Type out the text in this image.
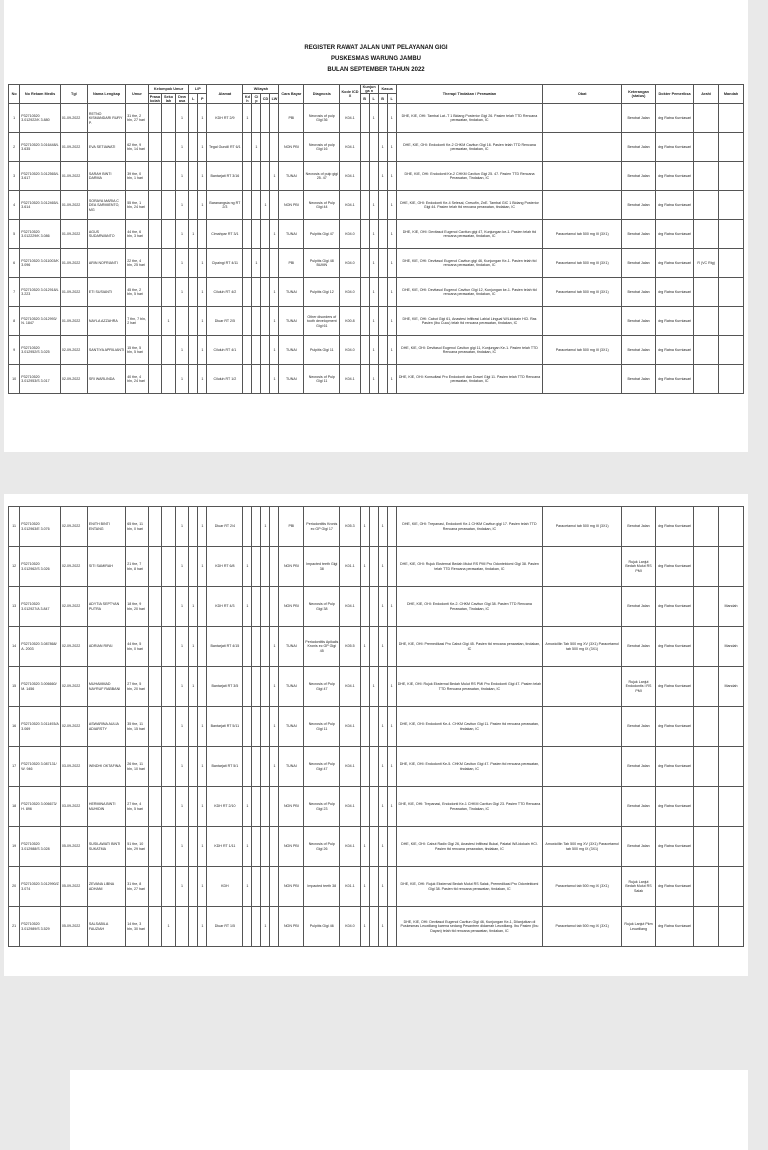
REGISTER RAWAT JALAN UNIT PELAYANAN GIGI
PUSKESMAS WARUNG JAMBU
BULAN SEPTEMBER TAHUN 2022
No	No Rekam Medis	Tgl	Nama Lengkap	Umur	Kelompok Umur			L/P		Alamat	Wilayah				Cara Bayar	Diagnosis	Kode ICD X	Kunjunga n		Kasus		Therapi Tindakan / Perawatan	Obat	Keterangan (status)	Dokter Pemeriksa	Arahi	Mandah
					Prasa kolah	Seko lah	Dew asa	L	P		Kdh	Cip	CD	LW				B	L	B	L						
1	P32710520 3.012922/K 3.880	01-09-2022	RETNO KISMANDARI RURY P.	31 the, 2 bln, 27 hari			1		1	KDH RT 2/9	1				PBI	Necrosis of pulp Gigi 36	K04.1		1		1	DHE, KIE, OHI: Tambal Lat.-T 1 Bidang Posterior Gigi 26. Pasien telah TTD Rencana perawatan, tindakan, IC		Berobat Jalan	drg Ratna Kurniasari		
2	P32710520 3.016448/L 3.635	01-09-2022	EVA SETIAWATI	62 the, 9 bln, 14 hari			1		1	Tegal Gundil RT 6/1		1			NON PBI	Necrosis of pulp Gigi 16	K04.1			1	1	DHE, KIE, OHI: Endodonti Ke-2 CHKM Cavitun Gigi 16. Pasien telah TTD Rencana perawatan, tindakan, IC		Berobat Jalan	drg Ratna Kurniasari		
3	P32710520 3.012565/L 3.617	01-09-2022	SARAH BINTI DARMA	39 the, 0 bln, 1 hari			1		1	Bantarjati RT 3/16				1	TUNAI	Necrosis of pulp gigi 25. 47	K04.1			1	1	DHE, KIE, OHI: Endodonti Ke-2 CHKM Cavitun Gigi 25. 47. Pasien TTD Rencana Perawatan, Tindakan, IC		Berobat Jalan	drg Ratna Kurniasari		
4	P32710520 3.012465/L 3.614	01-09-2022	SORAYA MARIA C DEA SARMIENTO, MG	55 the, 1 bln, 24 hari			1		1	Baranangsia ng RT 2/3			1		NON PBI	Necrosis of Pulp Gigi 44	K04.1		1		1	DHE, KIE, OHI: Endodonti Ke-4 Selesai, Cresofin, ZnE. Tambal GIC 1 Bidang Posterior Gigi 44. Pasien telah ttd rencana perawatan, tindakan, IC		Berobat Jalan	drg Ratna Kurniasari		
5	P32710520 3.012229/K 3.086	01-09-2022	AGUS SUDARWANTO	44 the, 6 bln, 3 hari			1	1		Cimahpar RT 3/1				1	TUNAI	Pulpitis Gigi 47	K04.0		1		1	DHE, KIE, OHI: Devitasol Eugenol Cavitun gigi 47, Kunjungan ke-1. Pasien telah ttd rencana perawatan, tindakan, IC	Paracetamol tab 500 mg III (3X1)	Berobat Jalan	drg Ratna Kurniasari		
6	P32710520 3.011003/K 3.096	01-09-2022	ARIN NOFRIANTI	22 the, 4 bln, 25 hari			1		1	Cipaingi RT 4/11		1			PBI	Pulpitis Gigi 48 BUMN	K04.0		1		1	DHE, KIE, OHI: Devitasol Eugenol Cavitun gigi 46, Kunjungan Ke-1. Pasien telah ttd rencana perawatan, tindakan, IC	Paracetamol tab 500 mg III (3X1)	Berobat Jalan	drg Ratna Kurniasari	R (VC Rtg)	
7	P32710520 3.012918/L 3.223	01-09-2022	ETI SUSIANTI	45 the, 2 bln, 5 hari			1		1	Ciluluh RT 4/2				1	TUNAI	Pulpitis Gigi 12	K04.0		1		1	DHE, KIE, OHI: Devitasol Eugenol Cavitun Gigi 12, Kunjungan ke-1. Pasien telah ttd rencana perawatan, tindakan, IC	Paracetamol tab 500 mg III (3X1)	Berobat Jalan	drg Ratna Kurniasari		
8	P32710520 3.012993/ N. 1847	01-09-2022	NAYLA AZZAHRA	7 thn, 7 bln, 2 hari		1			1	Dluar RT 2/5				1	TUNAI	Other disorders of tooth development Gigi 61	K00.8		1		1	DHE, KIE, OHI: Cabut Gigi 61, Anastesi Infiltrasi Labial Lingual W/Lidokain HCl. Ras Pasien (Ibu Cucu) telah ttd rencana perawatan, tindakan, IC		Berobat Jalan	drg Ratna Kurniasari		
9	P32710520 3.012952/S 3.025	02-09-2022	SANTIYA APRILIANTI	15 the, 5 bln, 5 hari			1		1	Ciluluh RT 4/1				1	TUNAI	Pulpitis Gigi 11	K04.0		1		1	DHE, KIE, OHI: Devitasol Eugenol Cavitun gigi 11, Kunjungan Ke-1. Pasien telah TTD Rencana perawatan, tindakan, IC	Paracetamol tab 500 mg III (3X1)	Berobat Jalan	drg Ratna Kurniasari		
10	P32710520 3.012953/S 3.017	02-09-2022	SRI WARLINDA	40 the, 4 bln, 24 hari			1		1	Ciluluh RT 1/2				1	TUNAI	Necrosis of Pulp Gigi 11	K04.1		1		1	DHE, KIE, OHI: Konsultasi Pro Endodonti dan Dowel Gigi 11. Pasien telah TTD Rencana perawatan, tindakan, IC		Berobat Jalan	drg Ratna Kurniasari		
11	P32710520 3.012963/E 3.076	02-09-2022	ENITH BINTI ENTANG	65 the, 11 bln, 0 hari			1		1	Dluar RT 2/4			1		PBI	Periodontitis Kronis ec GP Gigi 17	K05.3	1		1		DHE, KIE, OHI: Trepanasi, Endodonti Ke-1 CHKM Cavitun gigi 17. Pasien telah TTD Rencana perawatan, tindakan, IC	Paracetamol tab 500 mg III (3X1)	Berobat Jalan	drg Ratna Kurniasari		
12	P32710520 3.012962/S 3.026	02-09-2022	SITI SAMIRAH	21 the, 7 bln, 8 hari			1		1	KDH RT 6/8	1				NON PBI	Impacted teeth Gigi 38	K01.1	1		1		DHE, KIE, OHI: Rujuk Eksternal Bedah Mulut RS PMI Pro Odontektomi Gigi 38. Pasien telah TTD Rencana perawatan, tindakan, IC		Rujuk Lanjut Bedah Mulut RS PMI	drg Ratna Kurniasari		
13	P32710520 3.012927/A 3.847	02-09-2022	ADYTIA SEPTYAN PUTRA	18 the, 9 bln, 20 hari			1	1		KDH RT 4/3	1				NON PBI	Necrosis of Pulp Gigi 38	K04.1			1	1	DHE, KIE, OHI: Endodonti Ke-2. CHKM Cavitun Gigi 38. Pasien TTD Rencana Perawatan, Tindakan, IC		Berobat Jalan	drg Ratna Kurniasari		Mandah
14	P32710520 3.087868/ A. 2003	02-09-2022	ADRIAN RIFAI	44 the, 5 bln, 0 hari			1	1		Bantarjati RT 4/15				1	TUNAI	Periodontitis Apikalis Kronis ec GP Gigi 45	K05.5	1		1		DHE, KIE, OHI: Premedikasi Pro Cabut Gigi 45. Pasien ttd rencana perawatan, tindakan, IC	Amoxicillin Tab 500 mg XV (3X1) Paracetamol tab 500 mg IX (3X1)	Berobat Jalan	drg Ratna Kurniasari		Mandah
15	P32710520 3.006660/ M. 1456	02-09-2022	MUHAMMAD NAYRUF RABBANI	27 the, 5 bln, 20 hari			1	1		Bantarjati RT 3/5				1	TUNAI	Necrosis of Pulp Gigi 47	K04.1		1		1	DHE, KIE, OHI: Rujuk Eksternal Bedah Mulut RS PMI Pro Endodonti Gigi 47. Pasien telah TTD Rencana perawatan, tindakan, IC		Rujuk Lanjut Endodontis i RS PMI	drg Ratna Kurniasari		Mandah
16	P32710520 3.011493/A 3.069	02-09-2022	ASWARINA AULIA ADIARSTY	35 the, 11 bln, 15 hari			1		1	Bantarjati RT 5/11				1	TUNAI	Necrosis of Pulp Gigi 11	K04.1			1	1	DHE, KIE, OHI: Endodonti Ke-4. CHKM Cavitun Gigi 11. Pasien ttd rencana perawatan, tindakan, IC		Berobat Jalan	drg Ratna Kurniasari		
17	P32710520 3.087131/ W. 946	03-09-2022	WINDHI OKTAFINA	26 the, 11 bln, 10 hari			1		1	Bantarjati RT 5/1				1	TUNAI	Necrosis of Pulp Gigi 47	K04.1			1	1	DHE, KIE, OHI: Endodonti Ke-5. CHKM Cavitun Gigi 47. Pasien ttd rencana perawatan, tindakan, IC		Berobat Jalan	drg Ratna Kurniasari		
18	P32710520 3.006673/ H. 896	03-09-2022	HERMINA BINTI MUHIDIN	27 the, 4 bln, 5 hari			1		1	KDH RT 2/10	1				NON PBI	Necrosis of Pulp Gigi 23	K04.1			1	1	DHE, KIE, OHI: Trepanasi, Endodonti Ke-1 CHKM Cavitun Gigi 23. Pasien TTD Rencana Perawatan, Tindakan, IC		Berobat Jalan	drg Ratna Kurniasari		
19	P32710520 3.012988/S 3.028	05-09-2022	SUSILAWATI BINTI SUKATMA	51 the, 10 bln, 29 hari			1		1	KDH RT 1/11	1				NON PBI	Necrosis of Pulp Gigi 26	K04.1	1		1		DHE, KIE, OHI: Cabut Radix Gigi 26, Anastesi Infiltrasi Bukal, Palatal W/Lidokain HCl. Pasien ttd rencana perawatan, tindakan, IC	Amoxicillin Tab 500 mg XV (3X1) Paracetamol tab 500 mg IX (3X1)	Berobat Jalan	drg Ratna Kurniasari		
20	P32710520 3.012990/Z 3.074	05-09-2022	ZEVANA LIBNA ADHANI	31 the, 8 bln, 27 hari			1		1	KDH	1				NON PBI	Impacted teeth 38	K01.1	1		1		DHE, KIE, OHI: Rujuk Eksternal Bedah Mulut RS Salak, Premedikasi Pro Odontektomi Gigi 38. Pasien ttd rencana perawatan, tindakan, IC	Paracetamol tab 500 mg IX (3X1)	Rujuk Lanjut Bedah Mulut RS Salak	drg Ratna Kurniasari		
21	P32710520 3.012989/S 3.529	05-09-2022	SALSABILA FAUZIAH	14 the, 3 bln, 30 hari		1			1	Dluar RT 1/5			1		NON PBI	Pulpitis Gigi 46	K04.0	1		1		DHE, KIE, OHI: Devitasol Eugenol Cavitun Gigi 46, Kunjungan Ke-1, Dilanjutkan di Puskesmas Leuwiliang karena sedang Pesantren didaerah Leuwiliang. Ibu Pasien (Ibu Dayan) telah ttd rencana perawatan, tindakan, IC	Paracetamol tab 500 mg IX (3X1)	Rujuk Lanjut Pkm Leuwiliang	drg Ratna Kurniasari		
